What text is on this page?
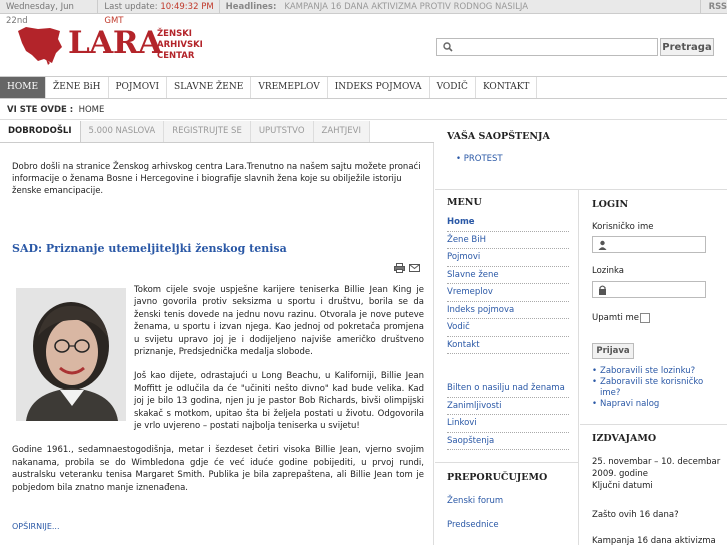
Wednesday, Jun 22nd
Last update: 10:49:32 PM GMT
Headlines: KAMPANJA 16 DANA AKTIVIZMA PROTIV RODNOG NASILJA	RSS
LARA
ŽENSKI
ARHIVSKI
CENTAR
Pretraga
HOME	ŽENE BiH	POJMOVI	SLAVNE ŽENE	VREMEPLOV	INDEKS POJMOVA	VODIČ	KONTAKT
VI STE OVDE : HOME
DOBRODOŠLI	5.000 NASLOVA	REGISTRUJTE SE	UPUTSTVO	ZAHTJEVI
Dobro došli na stranice Ženskog arhivskog centra Lara.Trenutno na našem sajtu možete pronaći informacije o ženama Bosne i Hercegovine i biografije slavnih žena koje su obilježile istoriju ženske emancipacije.
SAD: Priznanje utemeljitelјki ženskog tenisa

Tokom cijele svoje uspješne karijere teniserka Billie Jean King je javno govorila protiv seksizma u sportu i društvu, borila se da ženski tenis dovede na jednu novu razinu. Otvorala je nove puteve ženama, u sportu i izvan njega. Kao jednoj od pokretača promjena u svijetu upravo joj je i dodijeljeno najviše američko društveno priznanje, Predsjednička medalja slobode.

Još kao dijete, odrastajući u Long Beachu, u Kaliforniji, Billie Jean Moffitt je odlučila da će "učiniti nešto divno" kad bude velika. Kad joj je bilo 13 godina, njen ju je pastor Bob Richards, bivši olimpijski skakač s motkom, upitao šta bi željela postati u životu. Odgovorila je vrlo uvjereno – postati najbolja teniserka u svijetu!

Godine 1961., sedamnaestogodišnja, metar i šezdeset četiri visoka Billie Jean, vjerno svojim nakanama, probila se do Wimbledona gdje će već iduće godine pobijediti, u prvoj rundi, australsku veteranku tenisa Margaret Smith. Publika je bila zaprepaštena, ali Billie Jean tom je pobjedom bila znatno manje iznenađena.

OPŠIRNIJE...
VAŠA SAOPŠTENJA
• PROTEST
MENU
Home
Žene BiH
Pojmovi
Slavne žene
Vremeplov
Indeks pojmova
Vodič
Kontakt
Bilten o nasilju nad ženama
Zanimljivosti
Linkovi
Saopštenja
PREPORUČUJEMO
Ženski forum
Predsednice
LOGIN
Korisničko ime
Lozinka
Upamti me
Prijava
• Zaboravili ste lozinku?
• Zaboravili ste korisničko ime?
• Napravi nalog
IZDVAJAMO
25. novembar – 10. decembar
2009. godine
Ključni datumi
Zašto ovih 16 dana?
Kampanja 16 dana aktivizma
